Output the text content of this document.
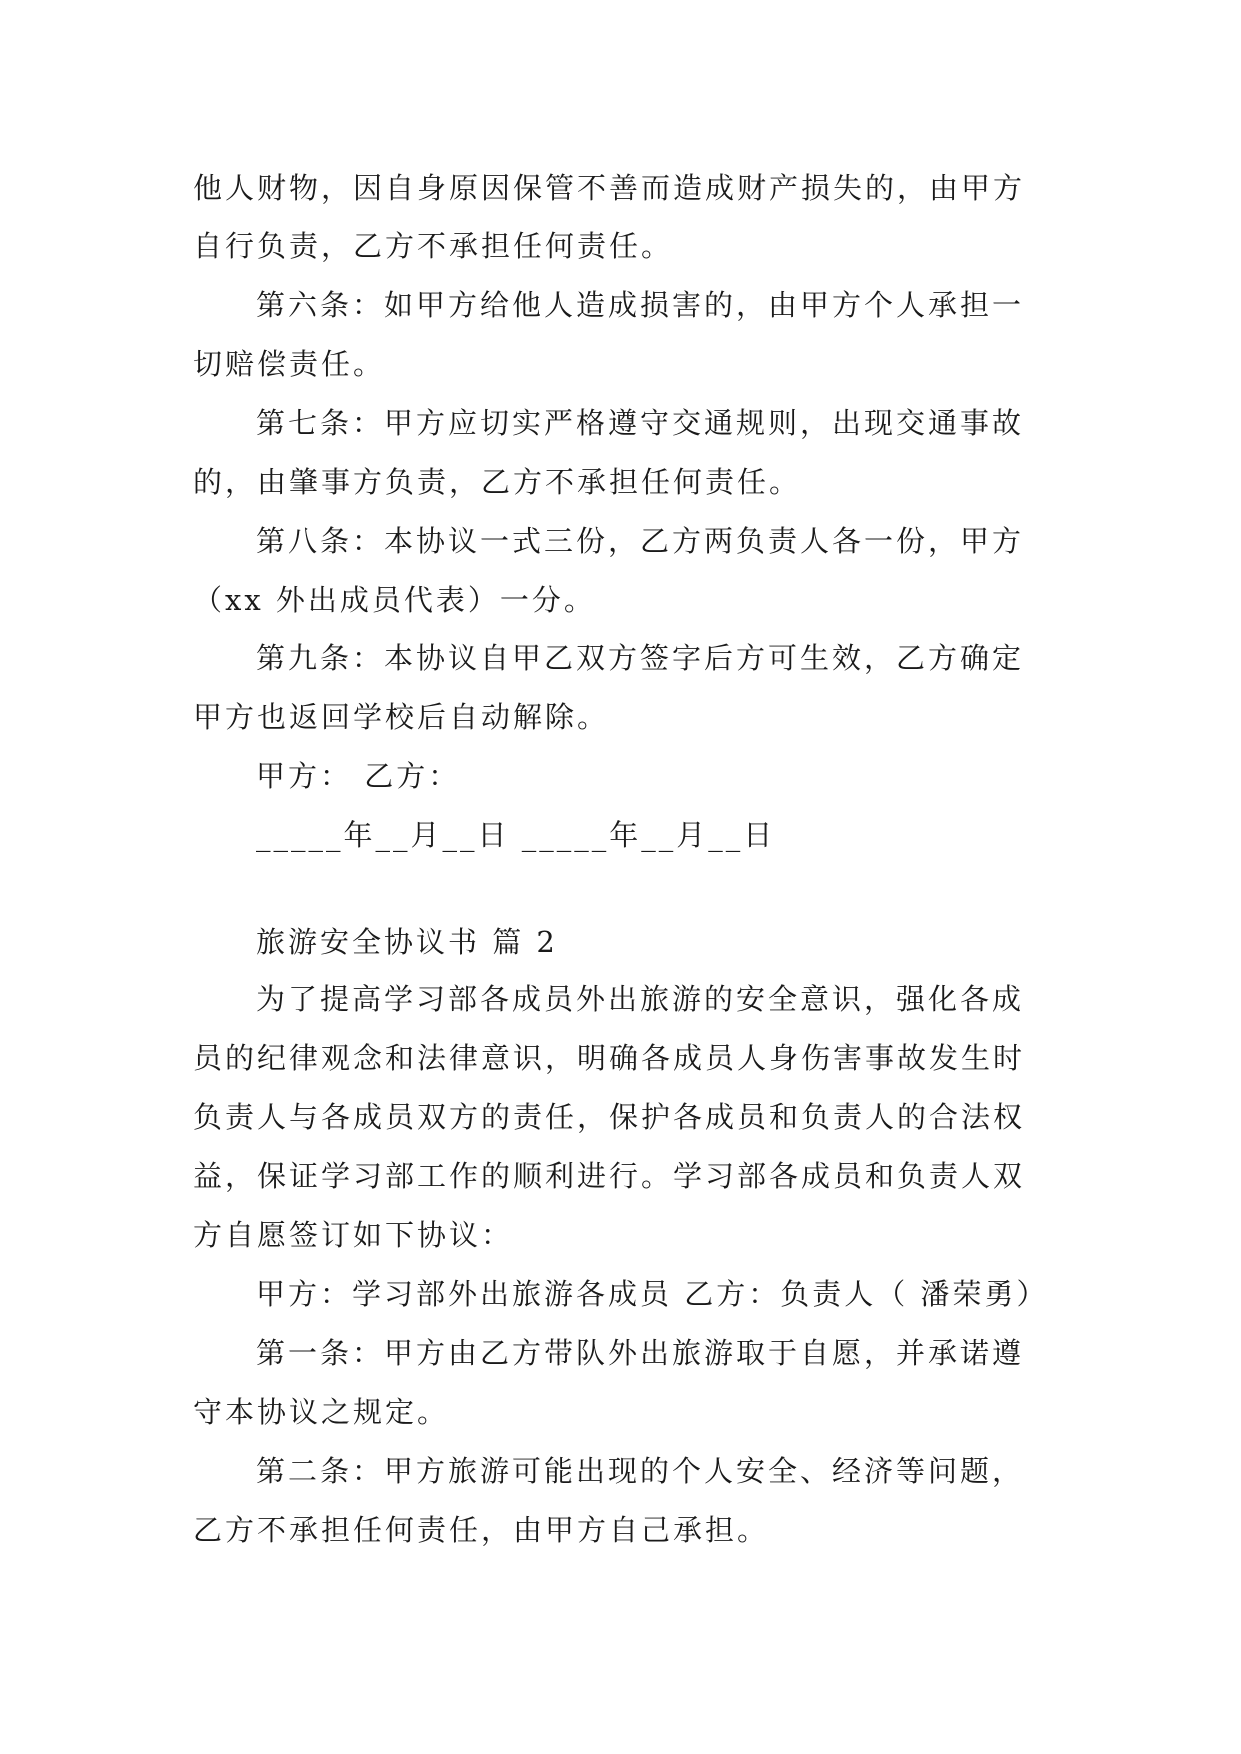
他人财物，因自身原因保管不善而造成财产损失的，由甲方
自行负责，乙方不承担任何责任。
第六条：如甲方给他人造成损害的，由甲方个人承担一
切赔偿责任。
第七条：甲方应切实严格遵守交通规则，出现交通事故
的，由肇事方负责，乙方不承担任何责任。
第八条：本协议一式三份，乙方两负责人各一份，甲方
（xx 外出成员代表）一分。
第九条：本协议自甲乙双方签字后方可生效，乙方确定
甲方也返回学校后自动解除。
甲方： 乙方：
_____年__月__日 _____年__月__日
旅游安全协议书 篇 2
为了提高学习部各成员外出旅游的安全意识，强化各成
员的纪律观念和法律意识，明确各成员人身伤害事故发生时
负责人与各成员双方的责任，保护各成员和负责人的合法权
益，保证学习部工作的顺利进行。学习部各成员和负责人双
方自愿签订如下协议：
甲方：学习部外出旅游各成员 乙方：负责人（ 潘荣勇）
第一条：甲方由乙方带队外出旅游取于自愿，并承诺遵
守本协议之规定。
第二条：甲方旅游可能出现的个人安全、经济等问题，
乙方不承担任何责任，由甲方自己承担。
